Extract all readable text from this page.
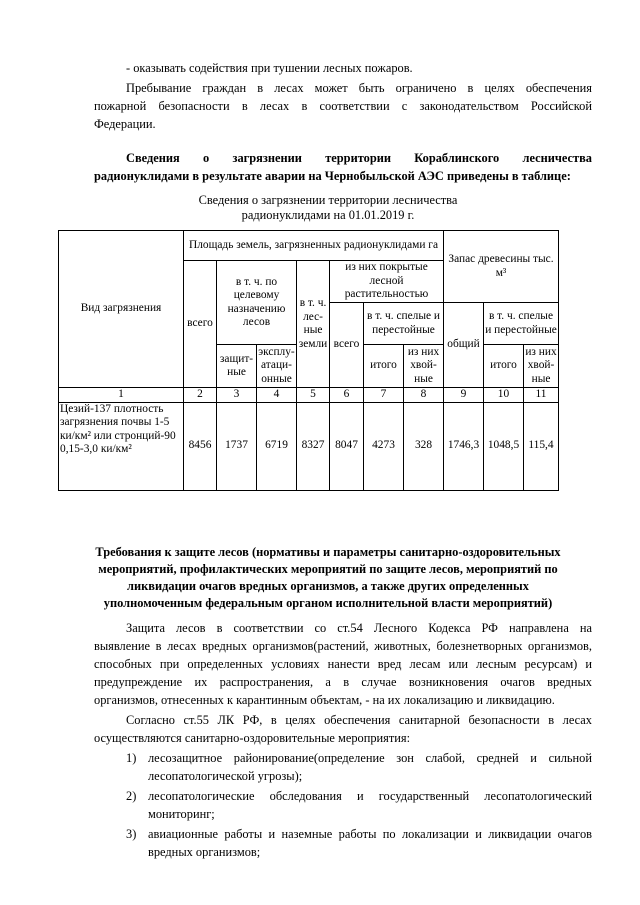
- оказывать содействия при тушении лесных пожаров.
Пребывание граждан в лесах может быть ограничено в целях обеспечения
пожарной безопасности в лесах в соответствии с законодательством Российской
Федерации.
Сведения о загрязнении территории Кораблинского лесничества
радионуклидами в результате аварии на Чернобыльской АЭС приведены в таблице:
Сведения о загрязнении территории лесничества
радионуклидами на 01.01.2019 г.
Вид загрязнения	Площадь земель, загрязненных радионуклидами га							Запас древесины тыс. м³		
	всего	в т. ч. по целевому назначению лесов		в т. ч. лес-ные земли	из них покрытые лесной растительностью					
					всего	в т. ч. спелые и перестойные		общий	в т. ч. спелые и перестойные	
		защит-ные	эксплу-атаци-онные			итого	из них хвой-ные		итого	из них хвой-ные
1	2	3	4	5	6	7	8	9	10	11
Цезий-137 плотность загрязнения почвы 1-5 ки/км² или стронций-90 0,15-3,0 ки/км²	8456	1737	6719	8327	8047	4273	328	1746,3	1048,5	115,4
Требования к защите лесов (нормативы и параметры санитарно-оздоровительных
мероприятий, профилактических мероприятий по защите лесов, мероприятий по
ликвидации очагов вредных организмов, а также других определенных
уполномоченным федеральным органом исполнительной власти мероприятий)
Защита лесов в соответствии со ст.54 Лесного Кодекса РФ направлена на
выявление в лесах вредных организмов(растений, животных, болезнетворных организмов,
способных при определенных условиях нанести вред лесам или лесным ресурсам) и
предупреждение их распространения, а в случае возникновения очагов вредных
организмов, отнесенных к карантинным объектам, - на их локализацию и ликвидацию.
Согласно ст.55 ЛК РФ, в целях обеспечения санитарной безопасности в лесах
осуществляются санитарно-оздоровительные мероприятия:
1) лесозащитное районирование(определение зон слабой, средней и сильной
лесопатологической угрозы);
2) лесопатологические обследования и государственный лесопатологический
мониторинг;
3) авиационные работы и наземные работы по локализации и ликвидации очагов
вредных организмов;
